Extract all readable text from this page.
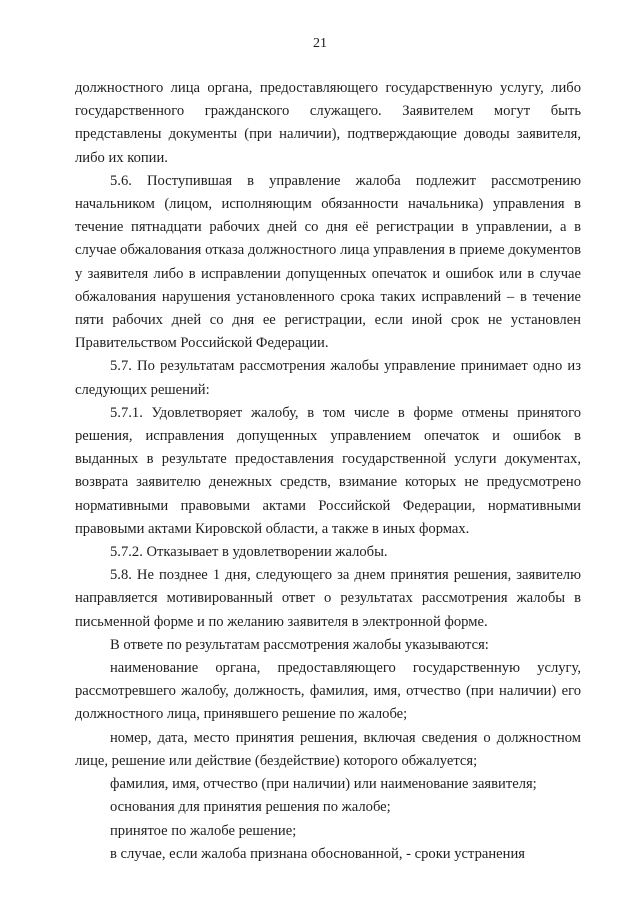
21

должностного лица органа, предоставляющего государственную услугу, либо государственного гражданского служащего. Заявителем могут быть представлены документы (при наличии), подтверждающие доводы заявителя, либо их копии.

5.6. Поступившая в управление жалоба подлежит рассмотрению начальником (лицом, исполняющим обязанности начальника) управления в течение пятнадцати рабочих дней со дня её регистрации в управлении, а в случае обжалования отказа должностного лица управления в приеме документов у заявителя либо в исправлении допущенных опечаток и ошибок или в случае обжалования нарушения установленного срока таких исправлений – в течение пяти рабочих дней со дня ее регистрации, если иной срок не установлен Правительством Российской Федерации.

5.7. По результатам рассмотрения жалобы управление принимает одно из следующих решений:

5.7.1. Удовлетворяет жалобу, в том числе в форме отмены принятого решения, исправления допущенных управлением опечаток и ошибок в выданных в результате предоставления государственной услуги документах, возврата заявителю денежных средств, взимание которых не предусмотрено нормативными правовыми актами Российской Федерации, нормативными правовыми актами Кировской области, а также в иных формах.

5.7.2. Отказывает в удовлетворении жалобы.

5.8. Не позднее 1 дня, следующего за днем принятия решения, заявителю направляется мотивированный ответ о результатах рассмотрения жалобы в письменной форме и по желанию заявителя в электронной форме.

В ответе по результатам рассмотрения жалобы указываются:

наименование органа, предоставляющего государственную услугу, рассмотревшего жалобу, должность, фамилия, имя, отчество (при наличии) его должностного лица, принявшего решение по жалобе;

номер, дата, место принятия решения, включая сведения о должностном лице, решение или действие (бездействие) которого обжалуется;

фамилия, имя, отчество (при наличии) или наименование заявителя;

основания для принятия решения по жалобе;

принятое по жалобе решение;

в случае, если жалоба признана обоснованной, - сроки устранения
